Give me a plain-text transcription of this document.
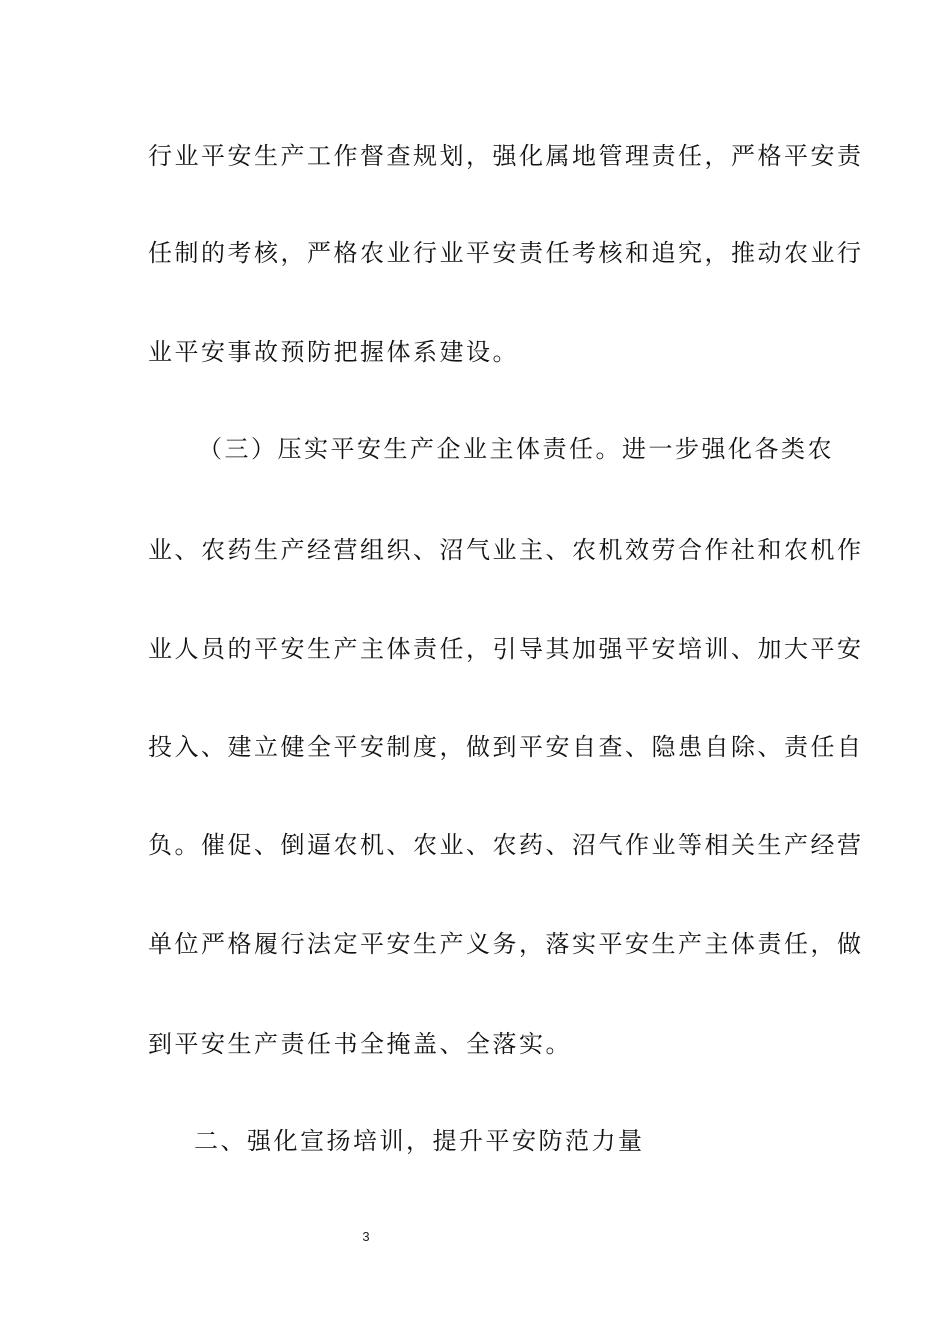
行业平安生产工作督查规划，强化属地管理责任，严格平安责
任制的考核，严格农业行业平安责任考核和追究，推动农业行
业平安事故预防把握体系建设。
（三）压实平安生产企业主体责任。进一步强化各类农
业、农药生产经营组织、沼气业主、农机效劳合作社和农机作
业人员的平安生产主体责任，引导其加强平安培训、加大平安
投入、建立健全平安制度，做到平安自查、隐患自除、责任自
负。催促、倒逼农机、农业、农药、沼气作业等相关生产经营
单位严格履行法定平安生产义务，落实平安生产主体责任，做
到平安生产责任书全掩盖、全落实。
二、强化宣扬培训，提升平安防范力量
3
